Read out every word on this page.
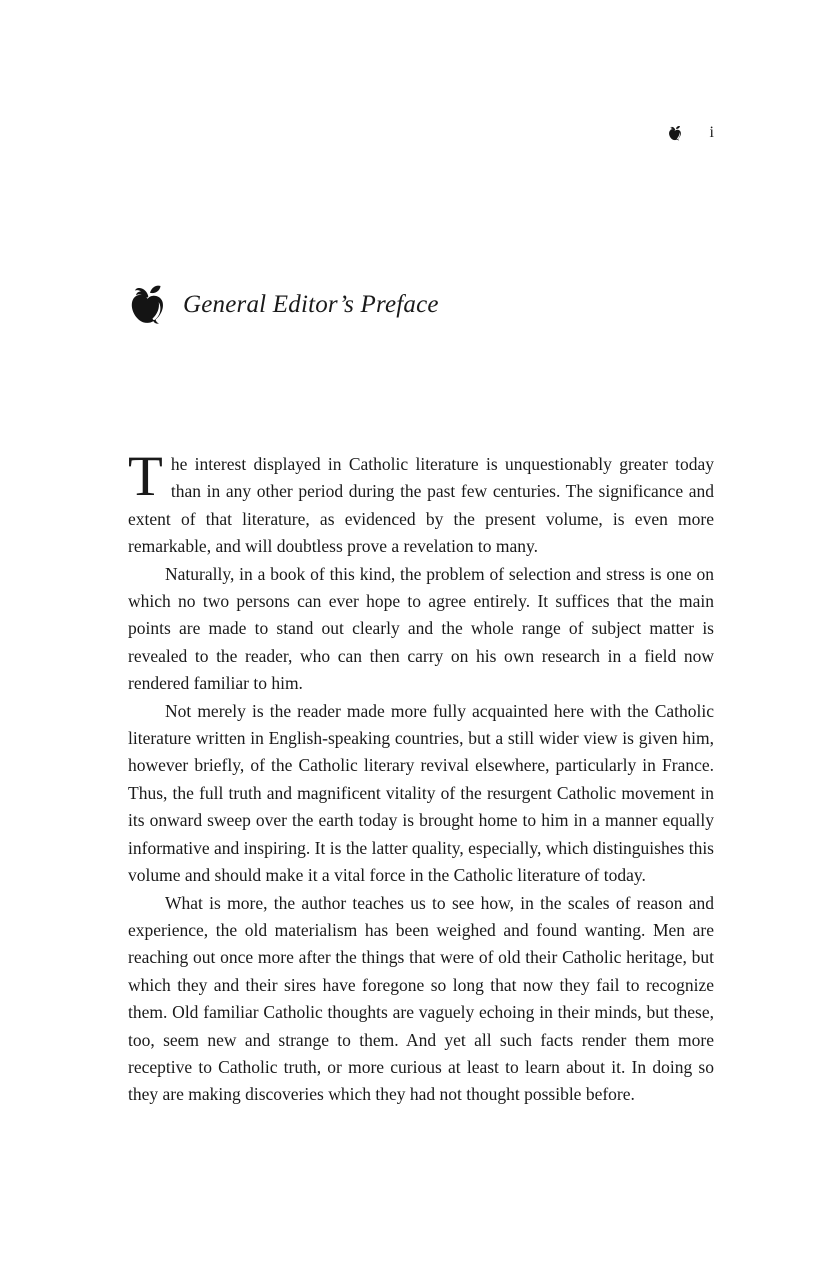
i
General Editor’s Preface

The interest displayed in Catholic literature is unquestionably greater today than in any other period during the past few centuries. The significance and extent of that literature, as evidenced by the present volume, is even more remarkable, and will doubtless prove a revelation to many.

Naturally, in a book of this kind, the problem of selection and stress is one on which no two persons can ever hope to agree entirely. It suffices that the main points are made to stand out clearly and the whole range of subject matter is revealed to the reader, who can then carry on his own research in a field now rendered familiar to him.

Not merely is the reader made more fully acquainted here with the Catholic literature written in English-speaking countries, but a still wider view is given him, however briefly, of the Catholic literary revival elsewhere, particularly in France. Thus, the full truth and magnificent vitality of the resurgent Catholic movement in its onward sweep over the earth today is brought home to him in a manner equally informative and inspiring. It is the latter quality, especially, which distinguishes this volume and should make it a vital force in the Catholic literature of today.

What is more, the author teaches us to see how, in the scales of reason and experience, the old materialism has been weighed and found wanting. Men are reaching out once more after the things that were of old their Catholic heritage, but which they and their sires have foregone so long that now they fail to recognize them. Old familiar Catholic thoughts are vaguely echoing in their minds, but these, too, seem new and strange to them. And yet all such facts render them more receptive to Catholic truth, or more curious at least to learn about it. In doing so they are making discoveries which they had not thought possible before.
